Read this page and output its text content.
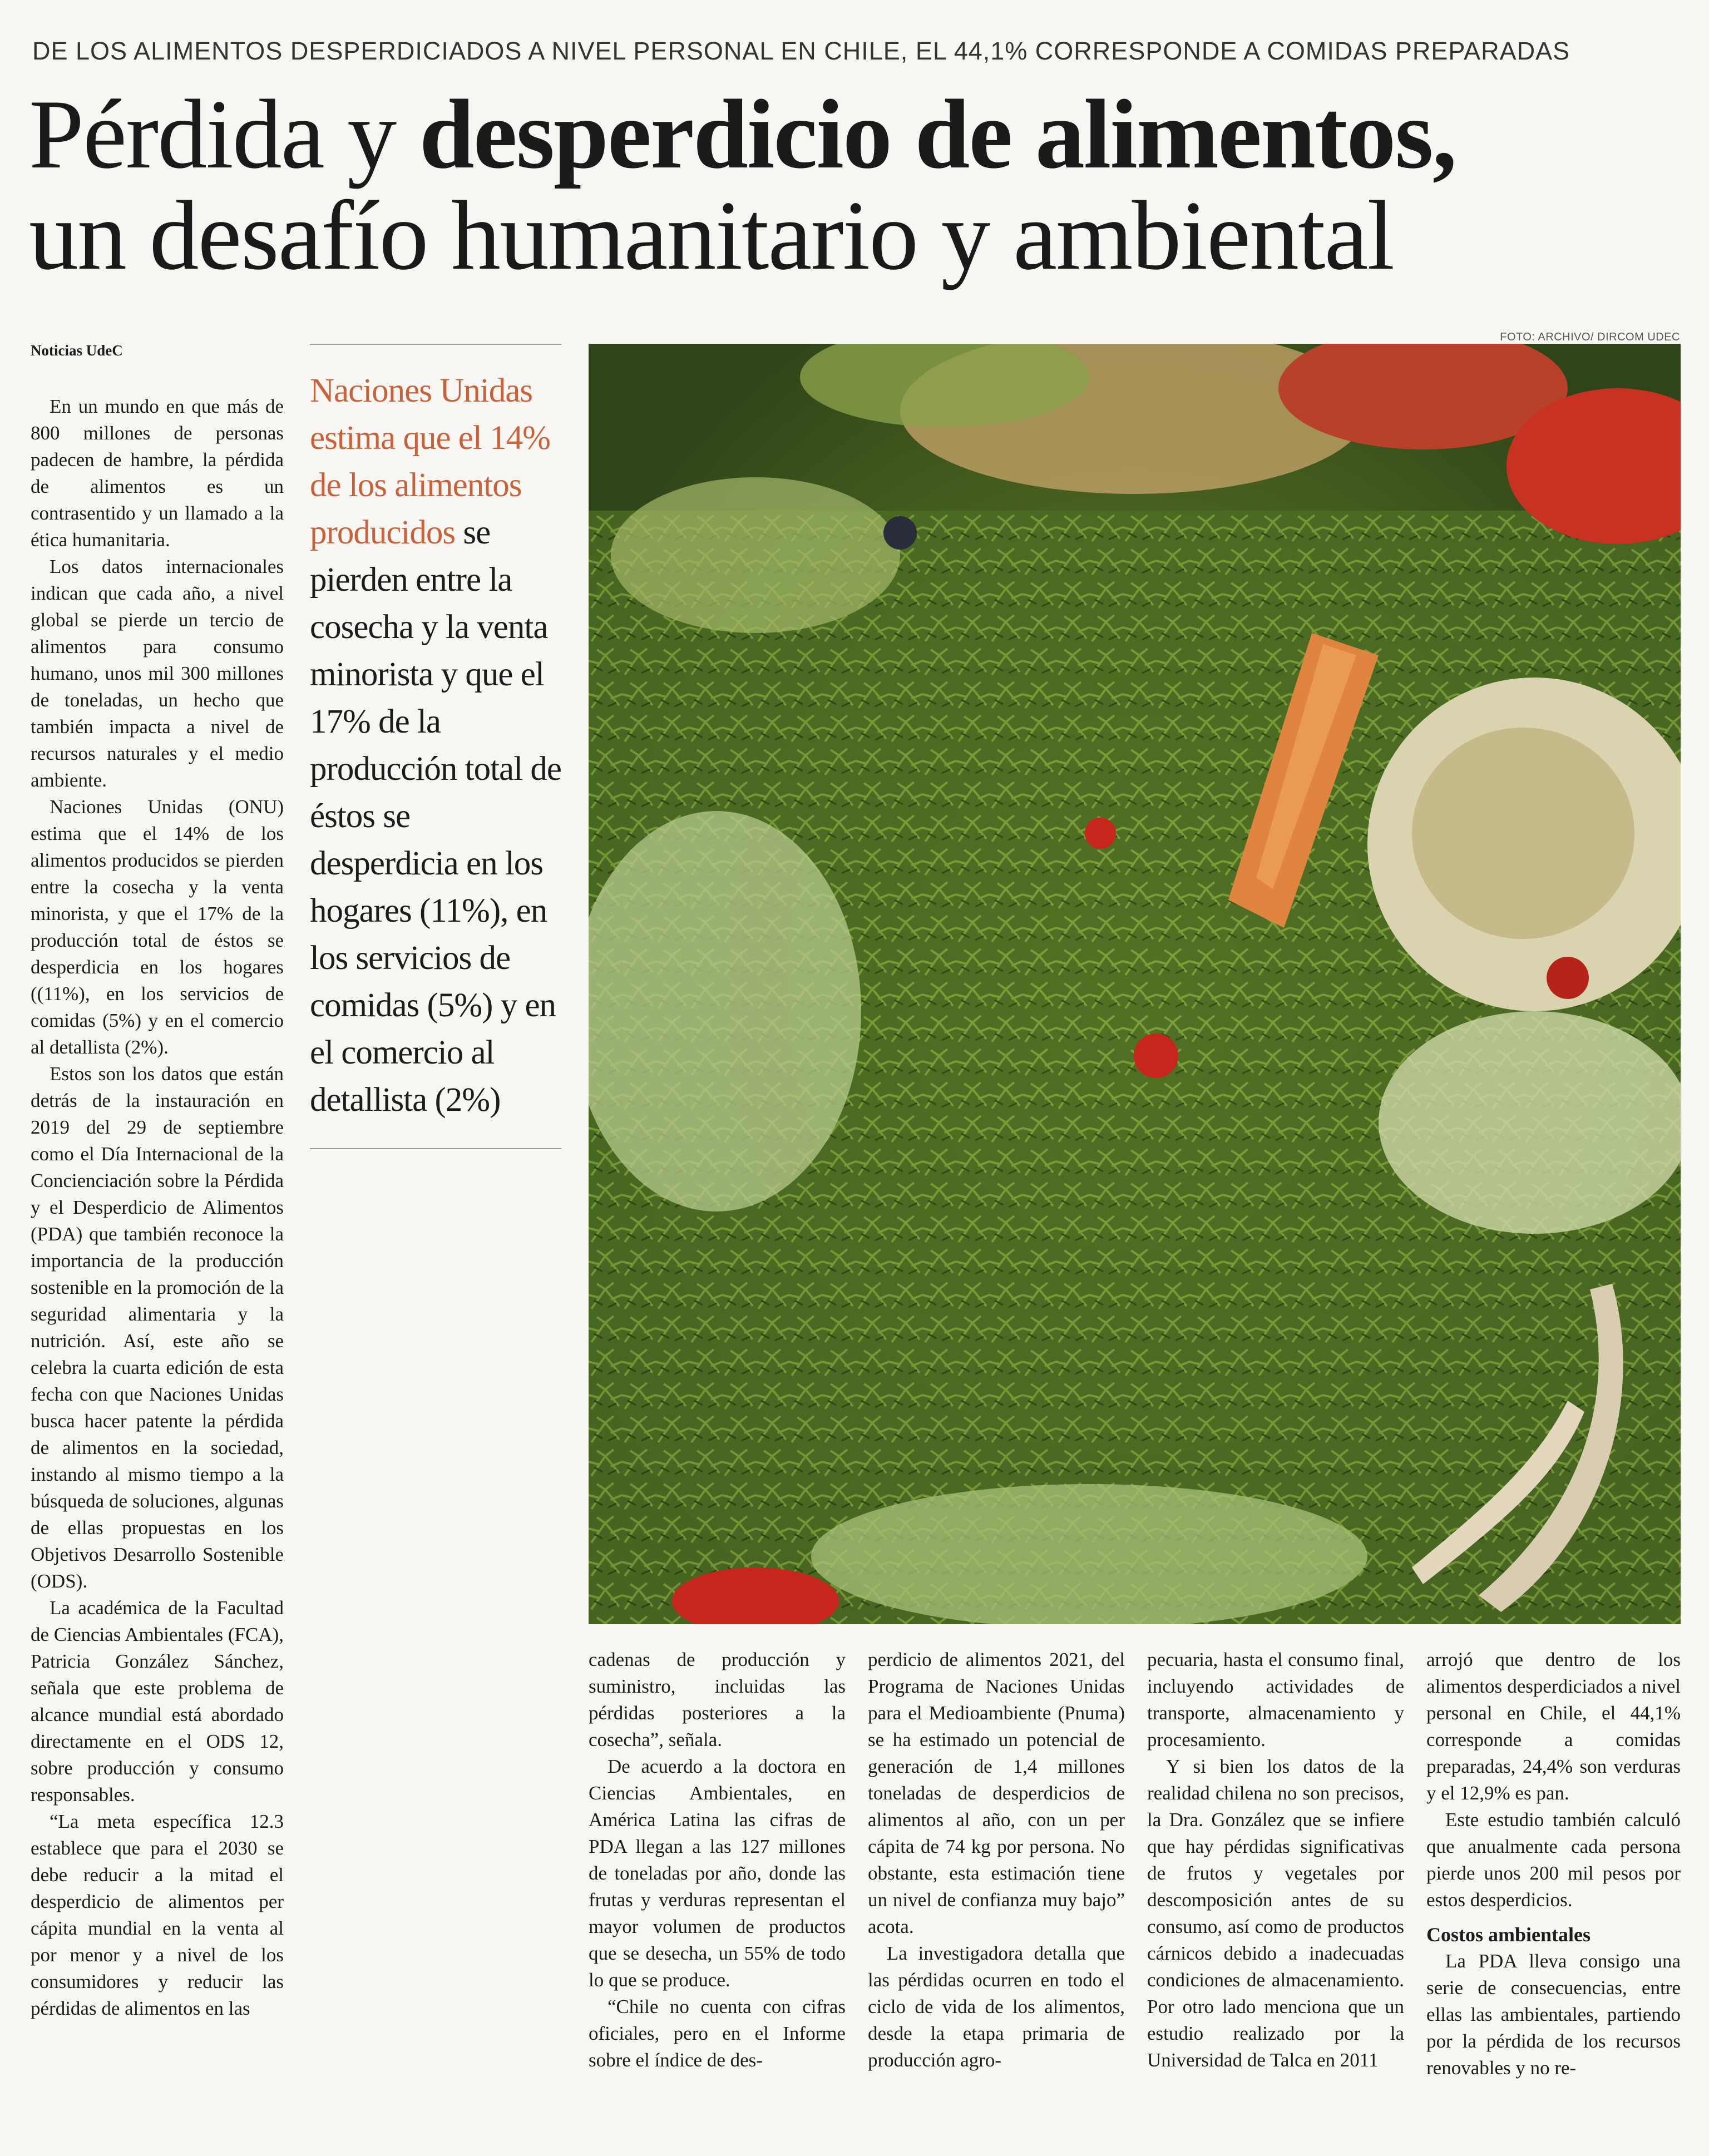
DE LOS ALIMENTOS DESPERDICIADOS A NIVEL PERSONAL EN CHILE, EL 44,1% CORRESPONDE A COMIDAS PREPARADAS
Pérdida y desperdicio de alimentos,
un desafío humanitario y ambiental
Noticias UdeC
Naciones Unidas estima que el 14% de los alimentos producidos se pierden entre la cosecha y la venta minorista y que el 17% de la producción total de éstos se desperdicia en los hogares (11%), en los servicios de comidas (5%) y en el comercio al detallista (2%)
FOTO: ARCHIVO/ DIRCOM UDEC

En un mundo en que más de 800 millones de personas padecen de hambre, la pérdida de alimentos es un contrasentido y un llamado a la ética humanitaria.

Los datos internacionales indican que cada año, a nivel global se pierde un tercio de alimentos para consumo humano, unos mil 300 millones de toneladas, un hecho que también impacta a nivel de recursos naturales y el medio ambiente.

Naciones Unidas (ONU) estima que el 14% de los alimentos producidos se pierden entre la cosecha y la venta minorista, y que el 17% de la producción total de éstos se desperdicia en los hogares ((11%), en los servicios de comidas (5%) y en el comercio al detallista (2%).

Estos son los datos que están detrás de la instauración en 2019 del 29 de septiembre como el Día Internacional de la Concienciación sobre la Pérdida y el Desperdicio de Alimentos (PDA) que también reconoce la importancia de la producción sostenible en la promoción de la seguridad alimentaria y la nutrición. Así, este año se celebra la cuarta edición de esta fecha con que Naciones Unidas busca hacer patente la pérdida de alimentos en la sociedad, instando al mismo tiempo a la búsqueda de soluciones, algunas de ellas propuestas en los Objetivos Desarrollo Sostenible (ODS).

La académica de la Facultad de Ciencias Ambientales (FCA), Patricia González Sánchez, señala que este problema de alcance mundial está abordado directamente en el ODS 12, sobre producción y consumo responsables.

“La meta específica 12.3 establece que para el 2030 se debe reducir a la mitad el desperdicio de alimentos per cápita mundial en la venta al por menor y a nivel de los consumidores y reducir las pérdidas de alimentos en las

cadenas de producción y suministro, incluidas las pérdidas posteriores a la cosecha”, señala.

De acuerdo a la doctora en Ciencias Ambientales, en América Latina las cifras de PDA llegan a las 127 millones de toneladas por año, donde las frutas y verduras representan el mayor volumen de productos que se desecha, un 55% de todo lo que se produce.

“Chile no cuenta con cifras oficiales, pero en el Informe sobre el índice de des-

perdicio de alimentos 2021, del Programa de Naciones Unidas para el Medioambiente (Pnuma) se ha estimado un potencial de generación de 1,4 millones toneladas de desperdicios de alimentos al año, con un per cápita de 74 kg por persona. No obstante, esta estimación tiene un nivel de confianza muy bajo” acota.

La investigadora detalla que las pérdidas ocurren en todo el ciclo de vida de los alimentos, desde la etapa primaria de producción agro-

pecuaria, hasta el consumo final, incluyendo actividades de transporte, almacenamiento y procesamiento.

Y si bien los datos de la realidad chilena no son precisos, la Dra. González que se infiere que hay pérdidas significativas de frutos y vegetales por descomposición antes de su consumo, así como de productos cárnicos debido a inadecuadas condiciones de almacenamiento. Por otro lado menciona que un estudio realizado por la Universidad de Talca en 2011

arrojó que dentro de los alimentos desperdiciados a nivel personal en Chile, el 44,1% corresponde a comidas preparadas, 24,4% son verduras y el 12,9% es pan.

Este estudio también calculó que anualmente cada persona pierde unos 200 mil pesos por estos desperdicios.

Costos ambientales

La PDA lleva consigo una serie de consecuencias, entre ellas las ambientales, partiendo por la pérdida de los recursos renovables y no re-
